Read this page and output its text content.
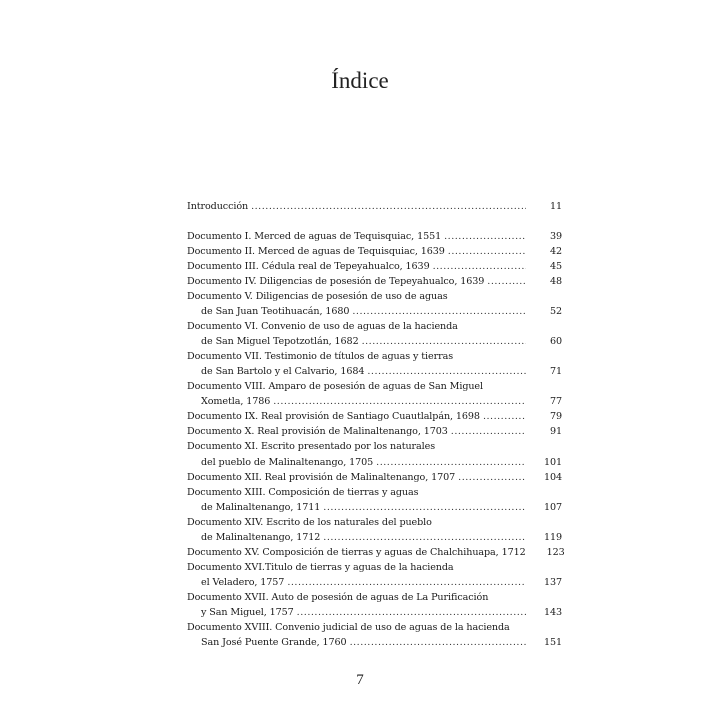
Índice
Introducción .....	11
Documento I. Merced de aguas de Tequisquiac, 1551 .....	39
Documento II. Merced de aguas de Tequisquiac, 1639 .....	42
Documento III. Cédula real de Tepeyahualco, 1639 .....	45
Documento IV. Diligencias de posesión de Tepeyahualco, 1639 .....	48
Documento V. Diligencias de posesión de uso de aguas
de San Juan Teotihuacán, 1680 .....	52
Documento VI. Convenio de uso de aguas de la hacienda
de San Miguel Tepotzotlán, 1682 .....	60
Documento VII. Testimonio de títulos de aguas y tierras
de San Bartolo y el Calvario, 1684 .....	71
Documento VIII. Amparo de posesión de aguas de San Miguel
Xometla, 1786 .....	77
Documento IX. Real provisión de Santiago Cuautlalpán, 1698 .....	79
Documento X. Real provisión de Malinaltenango, 1703 .....	91
Documento XI. Escrito presentado por los naturales
del pueblo de Malinaltenango, 1705 .....	101
Documento XII. Real provisión de Malinaltenango, 1707 .....	104
Documento XIII. Composición de tierras y aguas
de Malinaltenango, 1711 .....	107
Documento XIV. Escrito de los naturales del pueblo
de Malinaltenango, 1712 .....	119
Documento XV. Composición de tierras y aguas de Chalchihuapa, 1712	123
Documento XVI.Titulo de tierras y aguas de la hacienda
el Veladero, 1757 .....	137
Documento XVII. Auto de posesión de aguas de La Purificación
y San Miguel, 1757 .....	143
Documento XVIII. Convenio judicial de uso de aguas de la hacienda
San José Puente Grande, 1760 .....	151
7
